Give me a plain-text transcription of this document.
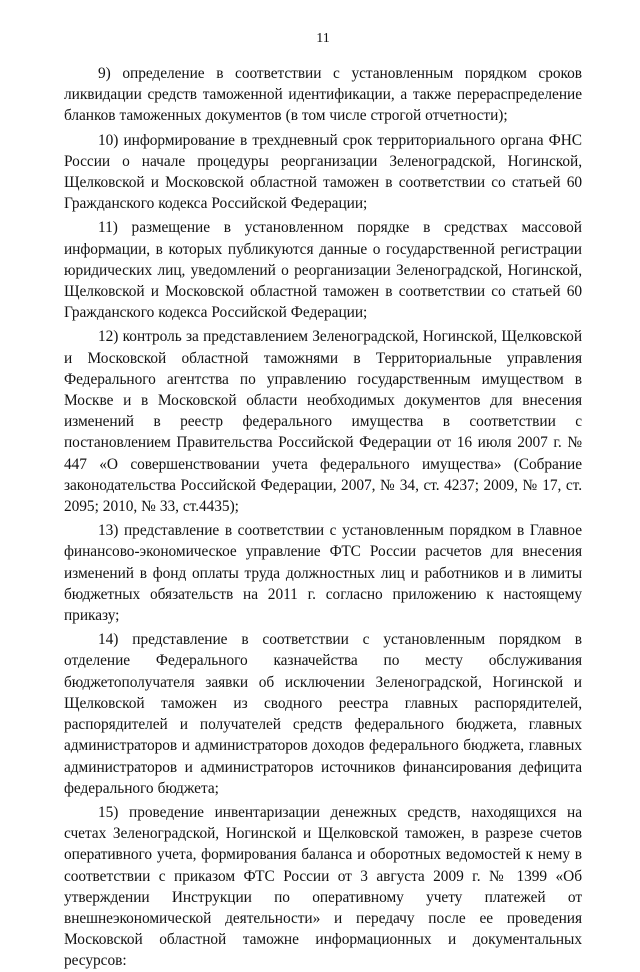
11

9) определение в соответствии с установленным порядком сроков ликвидации средств таможенной идентификации, а также перераспределение бланков таможенных документов (в том числе строгой отчетности);

10) информирование в трехдневный срок территориального органа ФНС России о начале процедуры реорганизации Зеленоградской, Ногинской, Щелковской и Московской областной таможен в соответствии со статьей 60 Гражданского кодекса Российской Федерации;

11) размещение в установленном порядке в средствах массовой информации, в которых публикуются данные о государственной регистрации юридических лиц, уведомлений о реорганизации Зеленоградской, Ногинской, Щелковской и Московской областной таможен в соответствии со статьей 60 Гражданского кодекса Российской Федерации;

12) контроль за представлением Зеленоградской, Ногинской, Щелковской и Московской областной таможнями в Территориальные управления Федерального агентства по управлению государственным имуществом в Москве и в Московской области необходимых документов для внесения изменений в реестр федерального имущества в соответствии с постановлением Правительства Российской Федерации от 16 июля 2007 г. № 447 «О совершенствовании учета федерального имущества» (Собрание законодательства Российской Федерации, 2007, № 34, ст. 4237; 2009, № 17, ст. 2095; 2010, № 33, ст.4435);

13) представление в соответствии с установленным порядком в Главное финансово-экономическое управление ФТС России расчетов для внесения изменений в фонд оплаты труда должностных лиц и работников и в лимиты бюджетных обязательств на 2011 г. согласно приложению к настоящему приказу;

14) представление в соответствии с установленным порядком в отделение Федерального казначейства по месту обслуживания бюджетополучателя заявки об исключении Зеленоградской, Ногинской и Щелковской таможен из сводного реестра главных распорядителей, распорядителей и получателей средств федерального бюджета, главных администраторов и администраторов доходов федерального бюджета, главных администраторов и администраторов источников финансирования дефицита федерального бюджета;

15) проведение инвентаризации денежных средств, находящихся на счетах Зеленоградской, Ногинской и Щелковской таможен, в разрезе счетов оперативного учета, формирования баланса и оборотных ведомостей к нему в соответствии с приказом ФТС России от 3 августа 2009 г. № 1399 «Об утверждении Инструкции по оперативному учету платежей от внешнеэкономической деятельности» и передачу после ее проведения Московской областной таможне информационных и документальных ресурсов:
